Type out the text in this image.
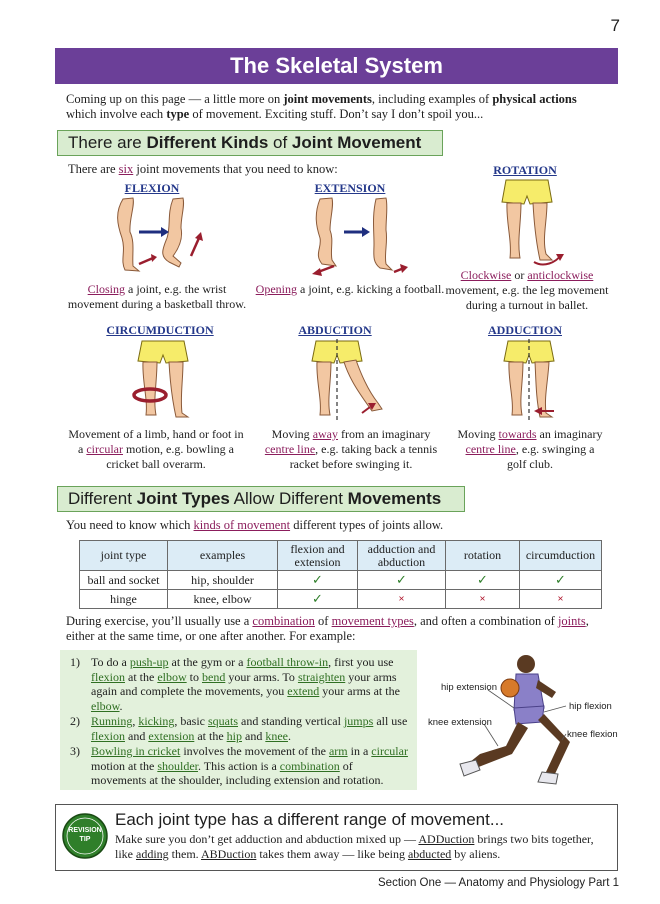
7
The Skeletal System
Coming up on this page — a little more on joint movements, including examples of physical actions which involve each type of movement. Exciting stuff. Don’t say I don’t spoil you...
There are Different Kinds of Joint Movement
There are six joint movements that you need to know:
FLEXION	EXTENSION
ROTATION
CIRCUMDUCTION	ABDUCTION	ADDUCTION
Closing a joint, e.g. the wrist movement during a basketball throw.
Opening a joint, e.g. kicking a football.
Clockwise or anticlockwise movement, e.g. the leg movement during a turnout in ballet.
Movement of a limb, hand or foot in a circular motion, e.g. bowling a cricket ball overarm.
Moving away from an imaginary centre line, e.g. taking back a tennis racket before swinging it.
Moving towards an imaginary centre line, e.g. swinging a golf club.
Different Joint Types Allow Different Movements
You need to know which kinds of movement different types of joints allow.
joint type	examples	flexion and extension	adduction and abduction	rotation	circumduction
ball and socket	hip, shoulder	✓	✓	✓	✓
hinge	knee, elbow	✓	×	×	×
During exercise, you’ll usually use a combination of movement types, and often a combination of joints, either at the same time, or one after another. For example:
1) To do a push-up at the gym or a football throw-in, first you use flexion at the elbow to bend your arms. To straighten your arms again and complete the movements, you extend your arms at the elbow.
2) Running, kicking, basic squats and standing vertical jumps all use flexion and extension at the hip and knee.
3) Bowling in cricket involves the movement of the arm in a circular motion at the shoulder. This action is a combination of movements at the shoulder, including extension and rotation.
hip extension
hip flexion
knee extension
knee flexion
REVISION
TIP
Each joint type has a different range of movement...
Make sure you don’t get adduction and abduction mixed up — ADDuction brings two bits together, like adding them. ABDuction takes them away — like being abducted by aliens.
Section One — Anatomy and Physiology Part 1
